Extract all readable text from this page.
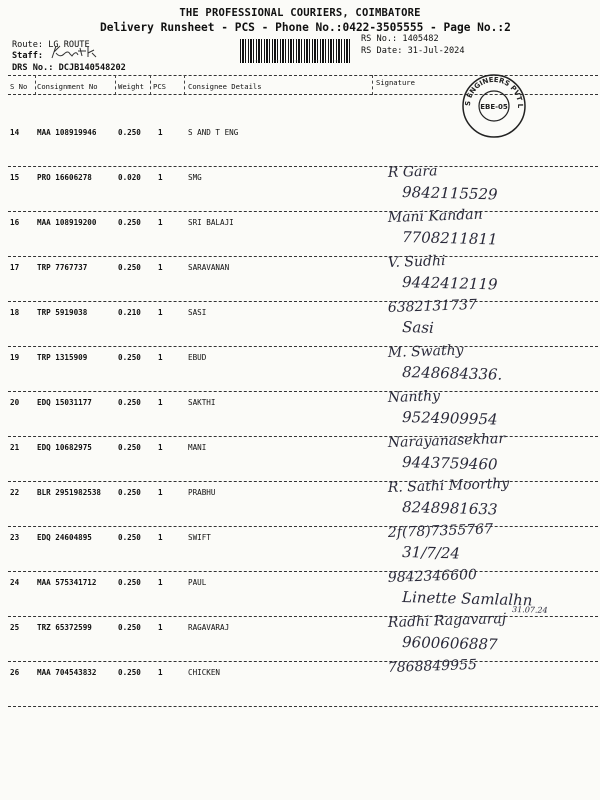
THE PROFESSIONAL COURIERS, COIMBATORE
Delivery Runsheet - PCS - Phone No.:0422-3505555 - Page No.:2
Route: LG ROUTE
Staff:
DRS No.: DCJB140548202
RS No.: 1405482
RS Date: 31-Jul-2024
S No Consignment No	Weight PCS	Consignee Details	Signature
14 MAA 108919946	0.250 1	S AND T ENG
15 PRO 16606278	0.020 1	SMG	R Gara
9842115529
16 MAA 108919200	0.250 1	SRI BALAJI	Mani Kandan
7708211811
17 TRP 7767737	0.250 1	SARAVANAN	V. Sudhi
9442412119
18 TRP 5919038	0.210 1	SASI	6382131737
Sasi
19 TRP 1315909	0.250 1	EBUD	M. Swathy
8248684336.
20 EDQ 15031177	0.250 1	SAKTHI	Nanthy
9524909954
21 EDQ 10682975	0.250 1	MANI	Narayanasekhar
9443759460
22 BLR 2951982538 0.250 1	PRABHU	R. Sathi Moorthy
8248981633
23 EDQ 24604895	0.250 1	SWIFT	2f(78)7355767
31/7/24
24 MAA 575341712	0.250 1	PAUL	9842346600
Linette Samlalhn
31.07.24
25 TRZ 65372599	0.250 1	RAGAVARAJ	Radhi Ragavaraj
9600606887
26 MAA 704543832	0.250 1	CHICKEN	7868849955
S ENGINEERS PVT L
EBE-05
